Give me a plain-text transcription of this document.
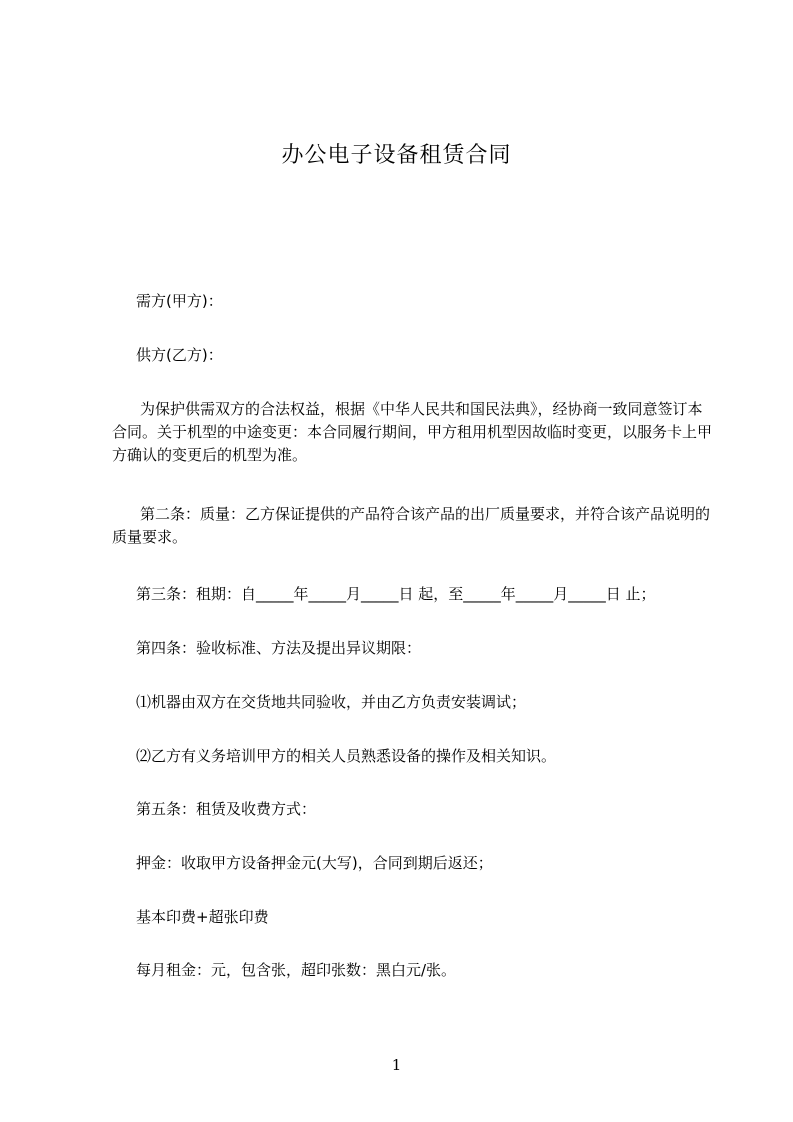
办公电子设备租赁合同
需方(甲方)：
供方(乙方)：
为保护供需双方的合法权益，根据《中华人民共和国民法典》，经协商一致同意签订本合同。关于机型的中途变更：本合同履行期间，甲方租用机型因故临时变更，以服务卡上甲方确认的变更后的机型为准。
第二条：质量：乙方保证提供的产品符合该产品的出厂质量要求，并符合该产品说明的质量要求。
第三条：租期：自_____年_____月_____日 起，至_____年_____月_____日 止；
第四条：验收标准、方法及提出异议期限：
⑴机器由双方在交货地共同验收，并由乙方负责安装调试；
⑵乙方有义务培训甲方的相关人员熟悉设备的操作及相关知识。
第五条：租赁及收费方式：
押金：收取甲方设备押金元(大写)，合同到期后返还；
基本印费+超张印费
每月租金：元，包含张，超印张数：黑白元/张。
1
